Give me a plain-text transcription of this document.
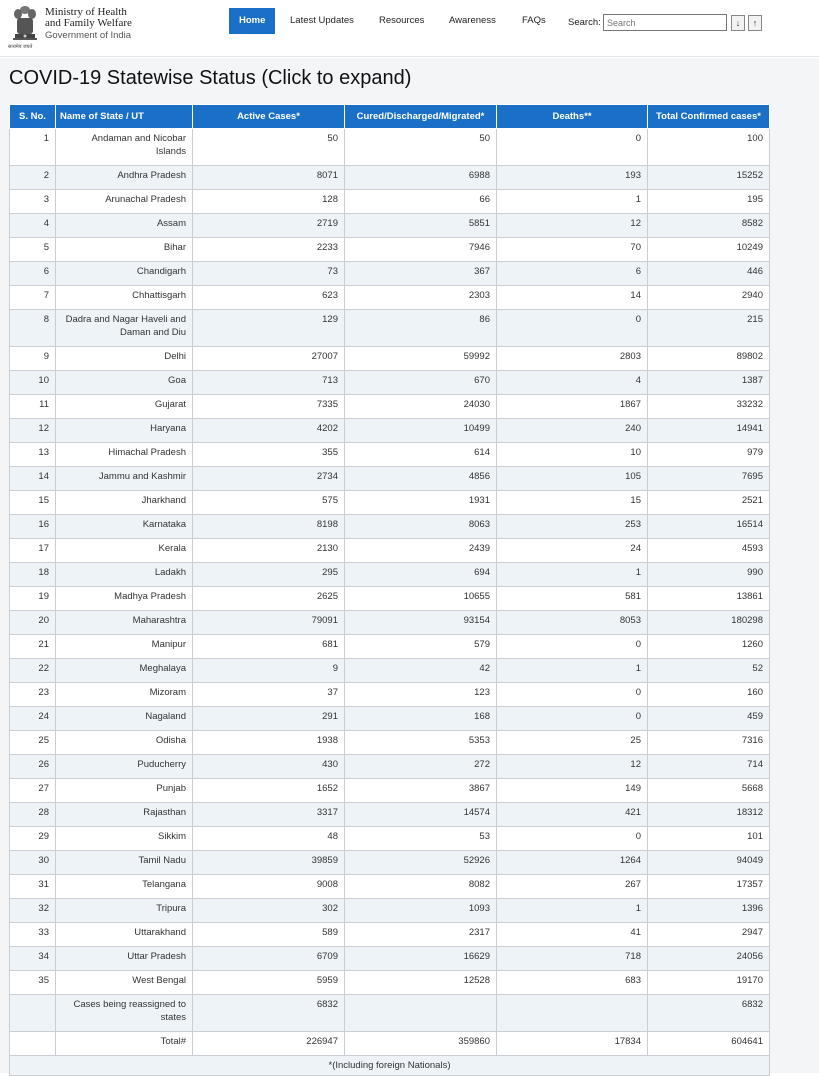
सत्यमेव जयते
Ministry of Health
and Family Welfare
Government of India
Home	Latest Updates	Resources	Awareness	FAQs Search:
Search	↓	↑
COVID-19 Statewise Status (Click to expand)
S. No.	Name of State / UT	Active Cases*	Cured/Discharged/Migrated*	Deaths**	Total Confirmed cases*
1	Andaman and Nicobar Islands	50	50	0	100
2	Andhra Pradesh	8071	6988	193	15252
3	Arunachal Pradesh	128	66	1	195
4	Assam	2719	5851	12	8582
5	Bihar	2233	7946	70	10249
6	Chandigarh	73	367	6	446
7	Chhattisgarh	623	2303	14	2940
8	Dadra and Nagar Haveli and Daman and Diu	129	86	0	215
9	Delhi	27007	59992	2803	89802
10	Goa	713	670	4	1387
11	Gujarat	7335	24030	1867	33232
12	Haryana	4202	10499	240	14941
13	Himachal Pradesh	355	614	10	979
14	Jammu and Kashmir	2734	4856	105	7695
15	Jharkhand	575	1931	15	2521
16	Karnataka	8198	8063	253	16514
17	Kerala	2130	2439	24	4593
18	Ladakh	295	694	1	990
19	Madhya Pradesh	2625	10655	581	13861
20	Maharashtra	79091	93154	8053	180298
21	Manipur	681	579	0	1260
22	Meghalaya	9	42	1	52
23	Mizoram	37	123	0	160
24	Nagaland	291	168	0	459
25	Odisha	1938	5353	25	7316
26	Puducherry	430	272	12	714
27	Punjab	1652	3867	149	5668
28	Rajasthan	3317	14574	421	18312
29	Sikkim	48	53	0	101
30	Tamil Nadu	39859	52926	1264	94049
31	Telangana	9008	8082	267	17357
32	Tripura	302	1093	1	1396
33	Uttarakhand	589	2317	41	2947
34	Uttar Pradesh	6709	16629	718	24056
35	West Bengal	5959	12528	683	19170
	Cases being reassigned to states	6832			6832
	Total#	226947	359860	17834	604641
*(Including foreign Nationals)					
